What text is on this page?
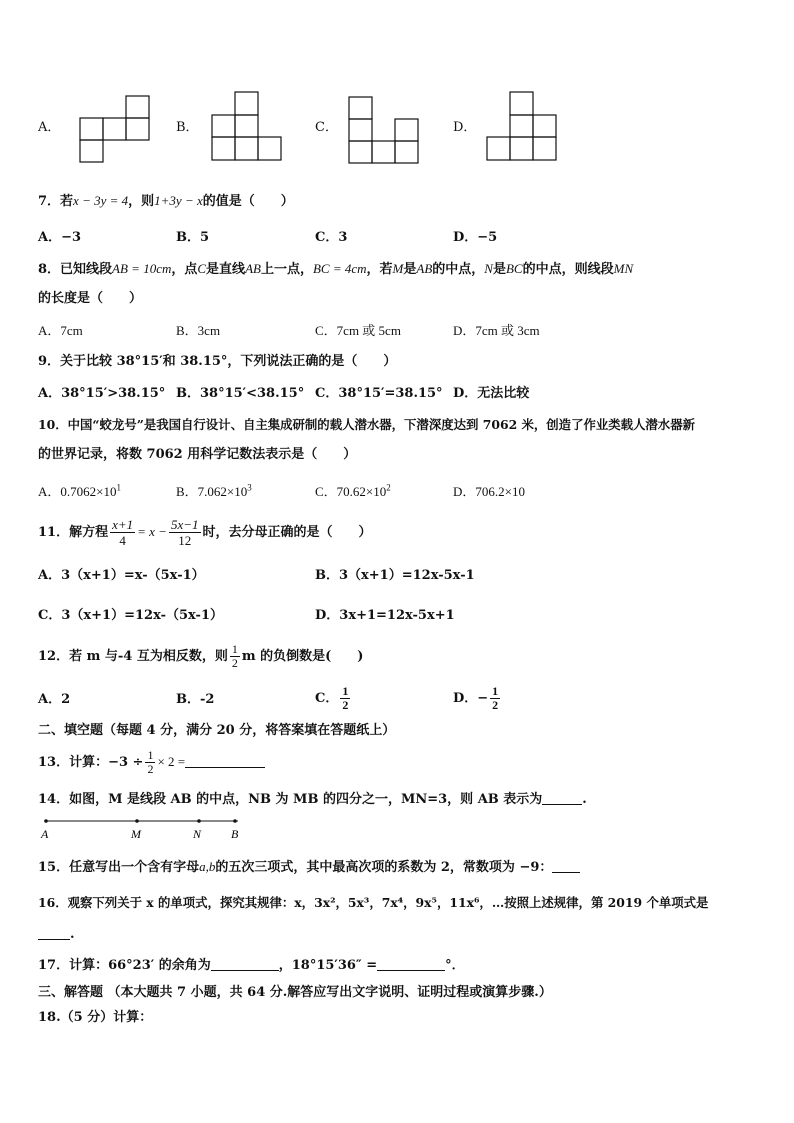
A．	B．	C．	D．
7．若x − 3y = 4，则1+3y − x的值是（　　）
A．−3	B．5	C．3	D．−5
8．已知线段AB = 10cm，点C是直线AB上一点，BC = 4cm，若M是AB的中点，N是BC的中点，则线段MN
的长度是（　　）
A．7cm	B．3cm	C．7cm 或 5cm	D．7cm 或 3cm
9．关于比较 38°15′和 38.15°，下列说法正确的是（　　）
A．38°15′>38.15° B．38°15′<38.15° C．38°15′=38.15° D．无法比较
10．中国“蛟龙号”是我国自行设计、自主集成研制的载人潜水器，下潜深度达到 7062 米，创造了作业类载人潜水器新
的世界记录，将数 7062 用科学记数法表示是（　　）
A．$0.7062\times 10^1$	B．$7.062\times 10^3$	C．$70.62\times 10^2$	D．706.2×10
11．解方程 $\frac{x+1}{4} = x - \frac{5x-1}{12}$ 时，去分母正确的是（　　）
A．3（x+1）=x-（5x-1）	B．3（x+1）=12x-5x-1
C．3（x+1）=12x-（5x-1）	D．3x+1=12x-5x+1
12．若 m 与-4 互为相反数，则 $\frac{1}{2}$ m 的负倒数是(　　)
A．2	B．-2	C． $\frac{1}{2}$	D．− $\frac{1}{2}$
二、填空题（每题 4 分，满分 20 分，将答案填在答题纸上）
13．计算：$-3 \div \frac{1}{2} \times 2$ =
14．如图，M 是线段 AB 的中点，NB 为 MB 的四分之一，MN=3，则 AB 表示为	.
A	M	N B
15．任意写出一个含有字母a,b的五次三项式，其中最高次项的系数为 2，常数项为 −9：
16．观察下列关于 x 的单项式，探究其规律：x，3x²，5x³，7x⁴，9x⁵，11x⁶，…按照上述规律，第 2019 个单项式是
.
17．计算：66°23′ 的余角为	，18°15′36″ =	°．
三、解答题 （本大题共 7 小题，共 64 分.解答应写出文字说明、证明过程或演算步骤.）
18.（5 分）计算：
